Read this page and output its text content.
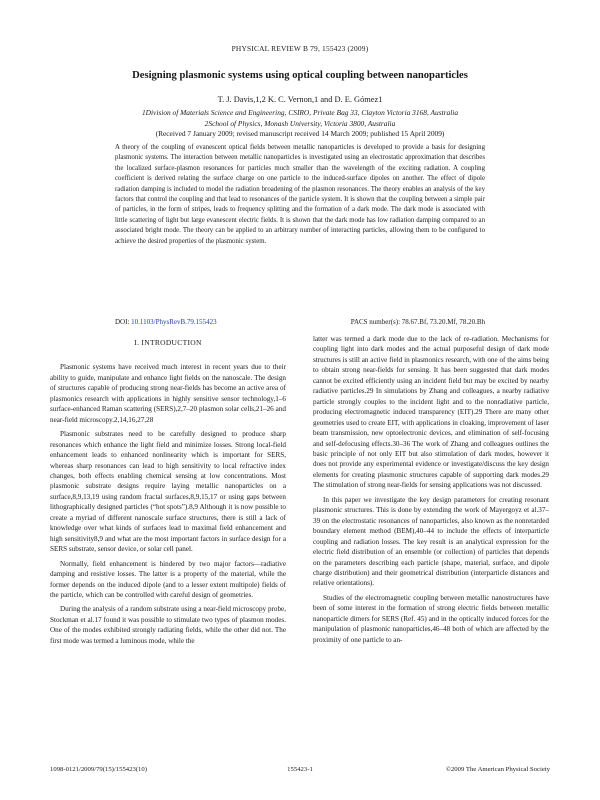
PHYSICAL REVIEW B 79, 155423 (2009)
Designing plasmonic systems using optical coupling between nanoparticles
T. J. Davis,1,2 K. C. Vernon,1 and D. E. Gómez1
1Division of Materials Science and Engineering, CSIRO, Private Bag 33, Clayton Victoria 3168, Australia
2School of Physics, Monash University, Victoria 3800, Australia
(Received 7 January 2009; revised manuscript received 14 March 2009; published 15 April 2009)
A theory of the coupling of evanescent optical fields between metallic nanoparticles is developed to provide a basis for designing plasmonic systems. The interaction between metallic nanoparticles is investigated using an electrostatic approximation that describes the localized surface-plasmon resonances for particles much smaller than the wavelength of the exciting radiation. A coupling coefficient is derived relating the surface charge on one particle to the induced-surface dipoles on another. The effect of dipole radiation damping is included to model the radiation broadening of the plasmon resonances. The theory enables an analysis of the key factors that control the coupling and that lead to resonances of the particle system. It is shown that the coupling between a simple pair of particles, in the form of stripes, leads to frequency splitting and the formation of a dark mode. The dark mode is associated with little scattering of light but large evanescent electric fields. It is shown that the dark mode has low radiation damping compared to an associated bright mode. The theory can be applied to an arbitrary number of interacting particles, allowing them to be configured to achieve the desired properties of the plasmonic system.
DOI: 10.1103/PhysRevB.79.155423	PACS number(s): 78.67.Bf, 73.20.Mf, 78.20.Bh
I. INTRODUCTION

Plasmonic systems have received much interest in recent years due to their ability to guide, manipulate and enhance light fields on the nanoscale. The design of structures capable of producing strong near-fields has become an active area of plasmonics research with applications in highly sensitive sensor technology,1–6 surface-enhanced Raman scattering (SERS),2,7–20 plasmon solar cells,21–26 and near-field microscopy.2,14,16,27,28

Plasmonic substrates need to be carefully designed to produce sharp resonances which enhance the light field and minimize losses. Strong local-field enhancement leads to enhanced nonlinearity which is important for SERS, whereas sharp resonances can lead to high sensitivity to local refractive index changes, both effects enabling chemical sensing at low concentrations. Most plasmonic substrate designs require laying metallic nanoparticles on a surface,8,9,13,19 using random fractal surfaces,8,9,15,17 or using gaps between lithographically designed particles (“hot spots”).8,9 Although it is now possible to create a myriad of different nanoscale surface structures, there is still a lack of knowledge over what kinds of surfaces lead to maximal field enhancement and high sensitivity8,9 and what are the most important factors in surface design for a SERS substrate, sensor device, or solar cell panel.

Normally, field enhancement is hindered by two major factors—radiative damping and resistive losses. The latter is a property of the material, while the former depends on the induced dipole (and to a lesser extent multipole) fields of the particle, which can be controlled with careful design of geometries.

During the analysis of a random substrate using a near-field microscopy probe, Stockman et al.17 found it was possible to stimulate two types of plasmon modes. One of the modes exhibited strongly radiating fields, while the other did not. The first mode was termed a luminous mode, while the

latter was termed a dark mode due to the lack of re-radiation. Mechanisms for coupling light into dark modes and the actual purposeful design of dark mode structures is still an active field in plasmonics research, with one of the aims being to obtain strong near-fields for sensing. It has been suggested that dark modes cannot be excited efficiently using an incident field but may be excited by nearby radiative particles.29 In simulations by Zhang and colleagues, a nearby radiative particle strongly couples to the incident light and to the nonradiative particle, producing electromagnetic induced transparency (EIT).29 There are many other geometries used to create EIT, with applications in cloaking, improvement of laser beam transmission, new optoelectronic devices, and elimination of self-focusing and self-defocusing effects.30–36 The work of Zhang and colleagues outlines the basic principle of not only EIT but also stimulation of dark modes, however it does not provide any experimental evidence or investigate/discuss the key design elements for creating plasmonic structures capable of supporting dark modes.29 The stimulation of strong near-fields for sensing applications was not discussed.

In this paper we investigate the key design parameters for creating resonant plasmonic structures. This is done by extending the work of Mayergoyz et al.37–39 on the electrostatic resonances of nanoparticles, also known as the nonretarded boundary element method (BEM),40–44 to include the effects of interparticle coupling and radiation losses. The key result is an analytical expression for the electric field distribution of an ensemble (or collection) of particles that depends on the parameters describing each particle (shape, material, surface, and dipole charge distribution) and their geometrical distribution (interparticle distances and relative orientations).

Studies of the electromagnetic coupling between metallic nanostructures have been of some interest in the formation of strong electric fields between metallic nanoparticle dimers for SERS (Ref. 45) and in the optically induced forces for the manipulation of plasmonic nanoparticles,46–48 both of which are affected by the proximity of one particle to an-

1098-0121/2009/79(15)/155423(10)	155423-1	©2009 The American Physical Society
